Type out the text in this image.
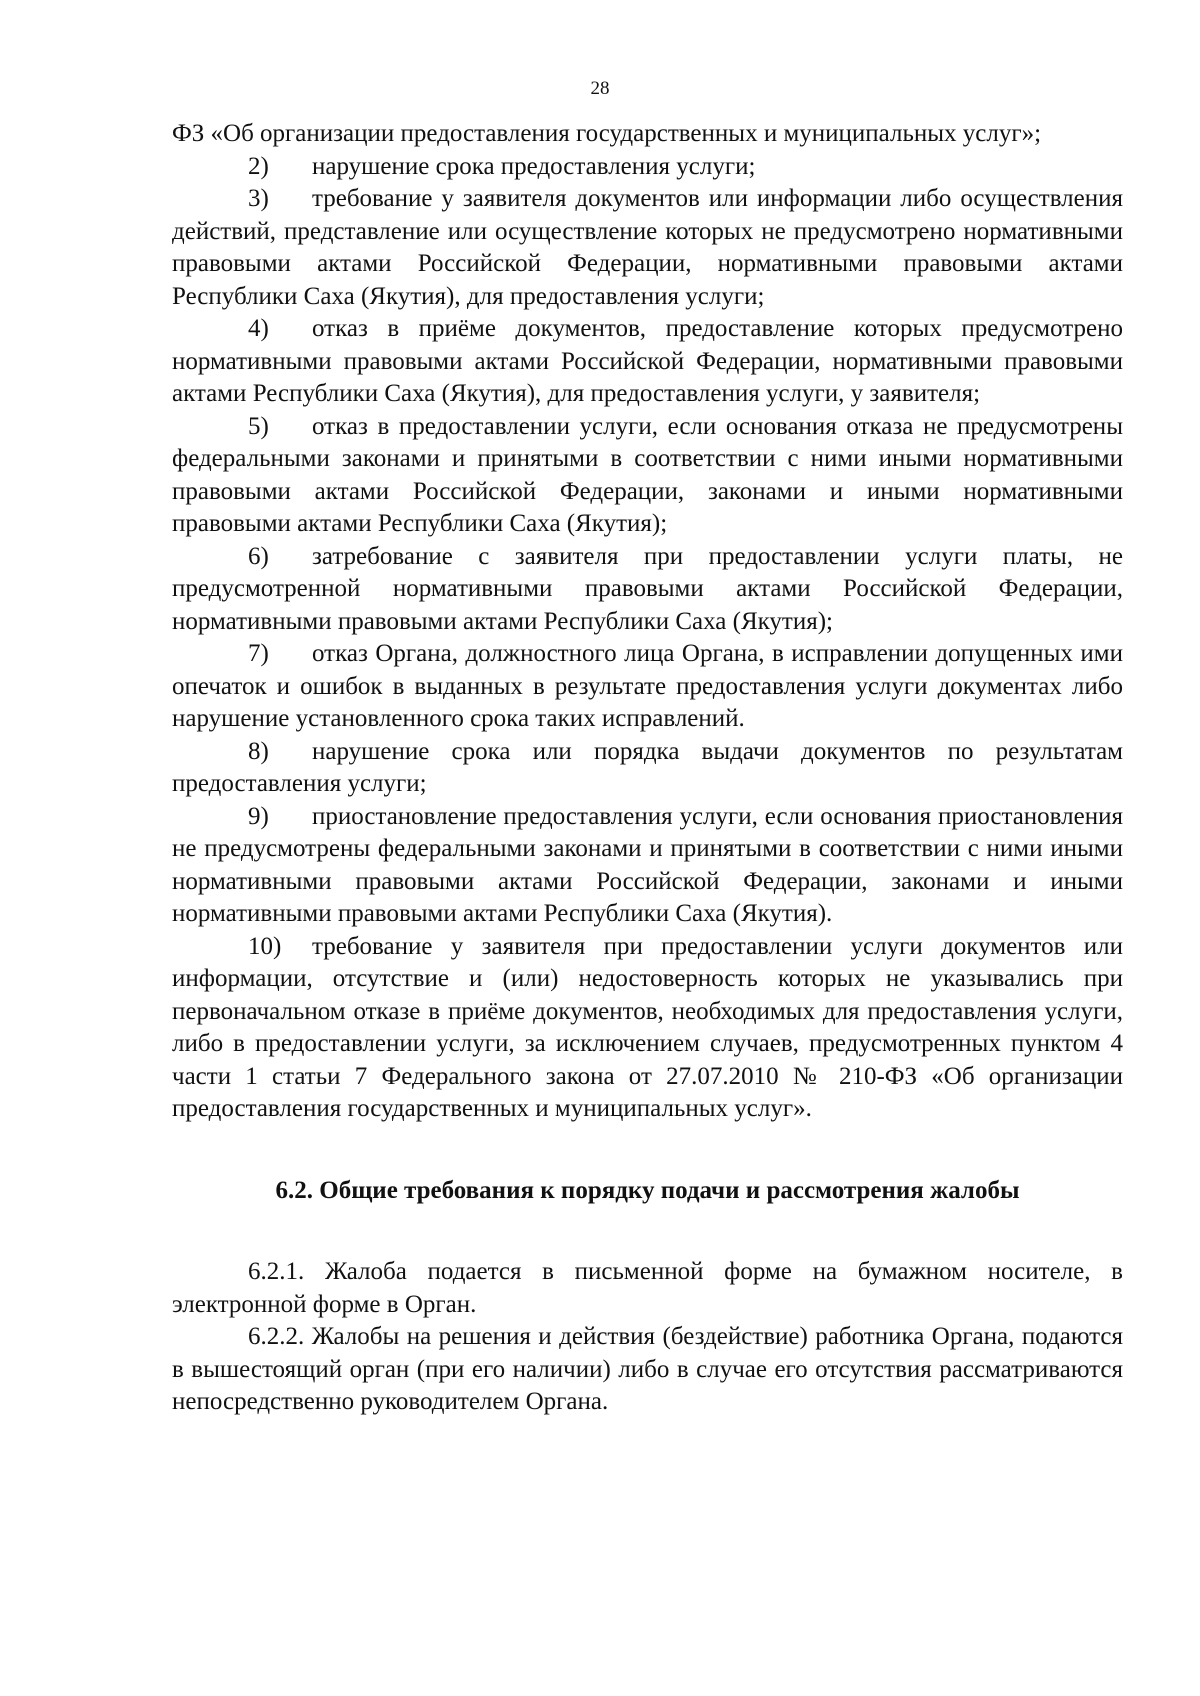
28

ФЗ «Об организации предоставления государственных и муниципальных услуг»;

2) нарушение срока предоставления услуги;

3) требование у заявителя документов или информации либо осуществления действий, представление или осуществление которых не предусмотрено нормативными правовыми актами Российской Федерации, нормативными правовыми актами Республики Саха (Якутия), для предоставления услуги;

4) отказ в приёме документов, предоставление которых предусмотрено нормативными правовыми актами Российской Федерации, нормативными правовыми актами Республики Саха (Якутия), для предоставления услуги, у заявителя;

5) отказ в предоставлении услуги, если основания отказа не предусмотрены федеральными законами и принятыми в соответствии с ними иными нормативными правовыми актами Российской Федерации, законами и иными нормативными правовыми актами Республики Саха (Якутия);

6) затребование с заявителя при предоставлении услуги платы, не предусмотренной нормативными правовыми актами Российской Федерации, нормативными правовыми актами Республики Саха (Якутия);

7) отказ Органа, должностного лица Органа, в исправлении допущенных ими опечаток и ошибок в выданных в результате предоставления услуги документах либо нарушение установленного срока таких исправлений.

8) нарушение срока или порядка выдачи документов по результатам предоставления услуги;

9) приостановление предоставления услуги, если основания приостановления не предусмотрены федеральными законами и принятыми в соответствии с ними иными нормативными правовыми актами Российской Федерации, законами и иными нормативными правовыми актами Республики Саха (Якутия).

10) требование у заявителя при предоставлении услуги документов или информации, отсутствие и (или) недостоверность которых не указывались при первоначальном отказе в приёме документов, необходимых для предоставления услуги, либо в предоставлении услуги, за исключением случаев, предусмотренных пунктом 4 части 1 статьи 7 Федерального закона от 27.07.2010 № 210-ФЗ «Об организации предоставления государственных и муниципальных услуг».

6.2. Общие требования к порядку подачи и рассмотрения жалобы

6.2.1. Жалоба подается в письменной форме на бумажном носителе, в электронной форме в Орган.

6.2.2. Жалобы на решения и действия (бездействие) работника Органа, подаются в вышестоящий орган (при его наличии) либо в случае его отсутствия рассматриваются непосредственно руководителем Органа.
